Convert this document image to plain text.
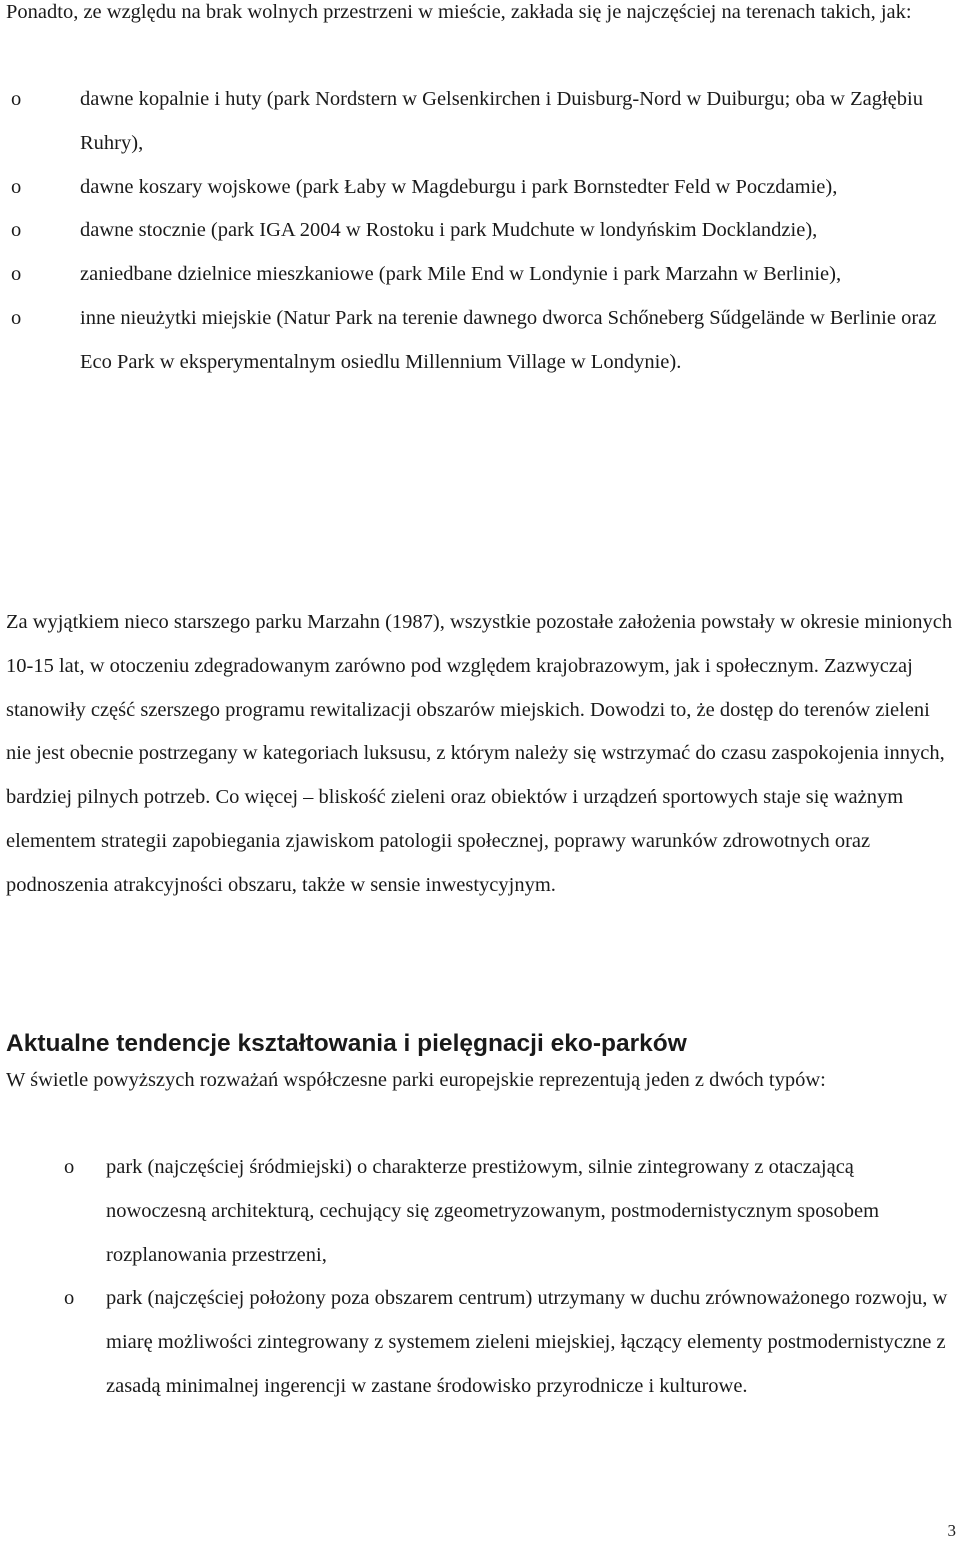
Ponadto, ze względu na brak wolnych przestrzeni w mieście, zakłada się je najczęściej na terenach takich, jak:

o	dawne kopalnie i huty (park Nordstern w Gelsenkirchen i Duisburg-Nord w Duiburgu; oba w Zagłębiu Ruhry),
o	dawne koszary wojskowe (park Łaby w Magdeburgu i park Bornstedter Feld w Poczdamie),
o	dawne stocznie (park IGA 2004 w Rostoku i park Mudchute w londyńskim Docklandzie),
o	zaniedbane dzielnice mieszkaniowe (park Mile End w Londynie i park Marzahn w Berlinie),
o	inne nieużytki miejskie (Natur Park na terenie dawnego dworca Schőneberg Sűdgelände w Berlinie oraz Eco Park w eksperymentalnym osiedlu Millennium Village w Londynie).

Za wyjątkiem nieco starszego parku Marzahn (1987), wszystkie pozostałe założenia powstały w okresie minionych 10-15 lat, w otoczeniu zdegradowanym zarówno pod względem krajobrazowym, jak i społecznym. Zazwyczaj stanowiły część szerszego programu rewitalizacji obszarów miejskich. Dowodzi to, że dostęp do terenów zieleni nie jest obecnie postrzegany w kategoriach luksusu, z którym należy się wstrzymać do czasu zaspokojenia innych, bardziej pilnych potrzeb. Co więcej – bliskość zieleni oraz obiektów i urządzeń sportowych staje się ważnym elementem strategii zapobiegania zjawiskom patologii społecznej, poprawy warunków zdrowotnych oraz podnoszenia atrakcyjności obszaru, także w sensie inwestycyjnym.

Aktualne tendencje kształtowania i pielęgnacji eko-parków

W świetle powyższych rozważań współczesne parki europejskie reprezentują jeden z dwóch typów:

o park (najczęściej śródmiejski) o charakterze prestiżowym, silnie zintegrowany z otaczającą nowoczesną architekturą, cechujący się zgeometryzowanym, postmodernistycznym sposobem rozplanowania przestrzeni,
o park (najczęściej położony poza obszarem centrum) utrzymany w duchu zrównoważonego rozwoju, w miarę możliwości zintegrowany z systemem zieleni miejskiej, łączący elementy postmodernistyczne z zasadą minimalnej ingerencji w zastane środowisko przyrodnicze i kulturowe.
3
